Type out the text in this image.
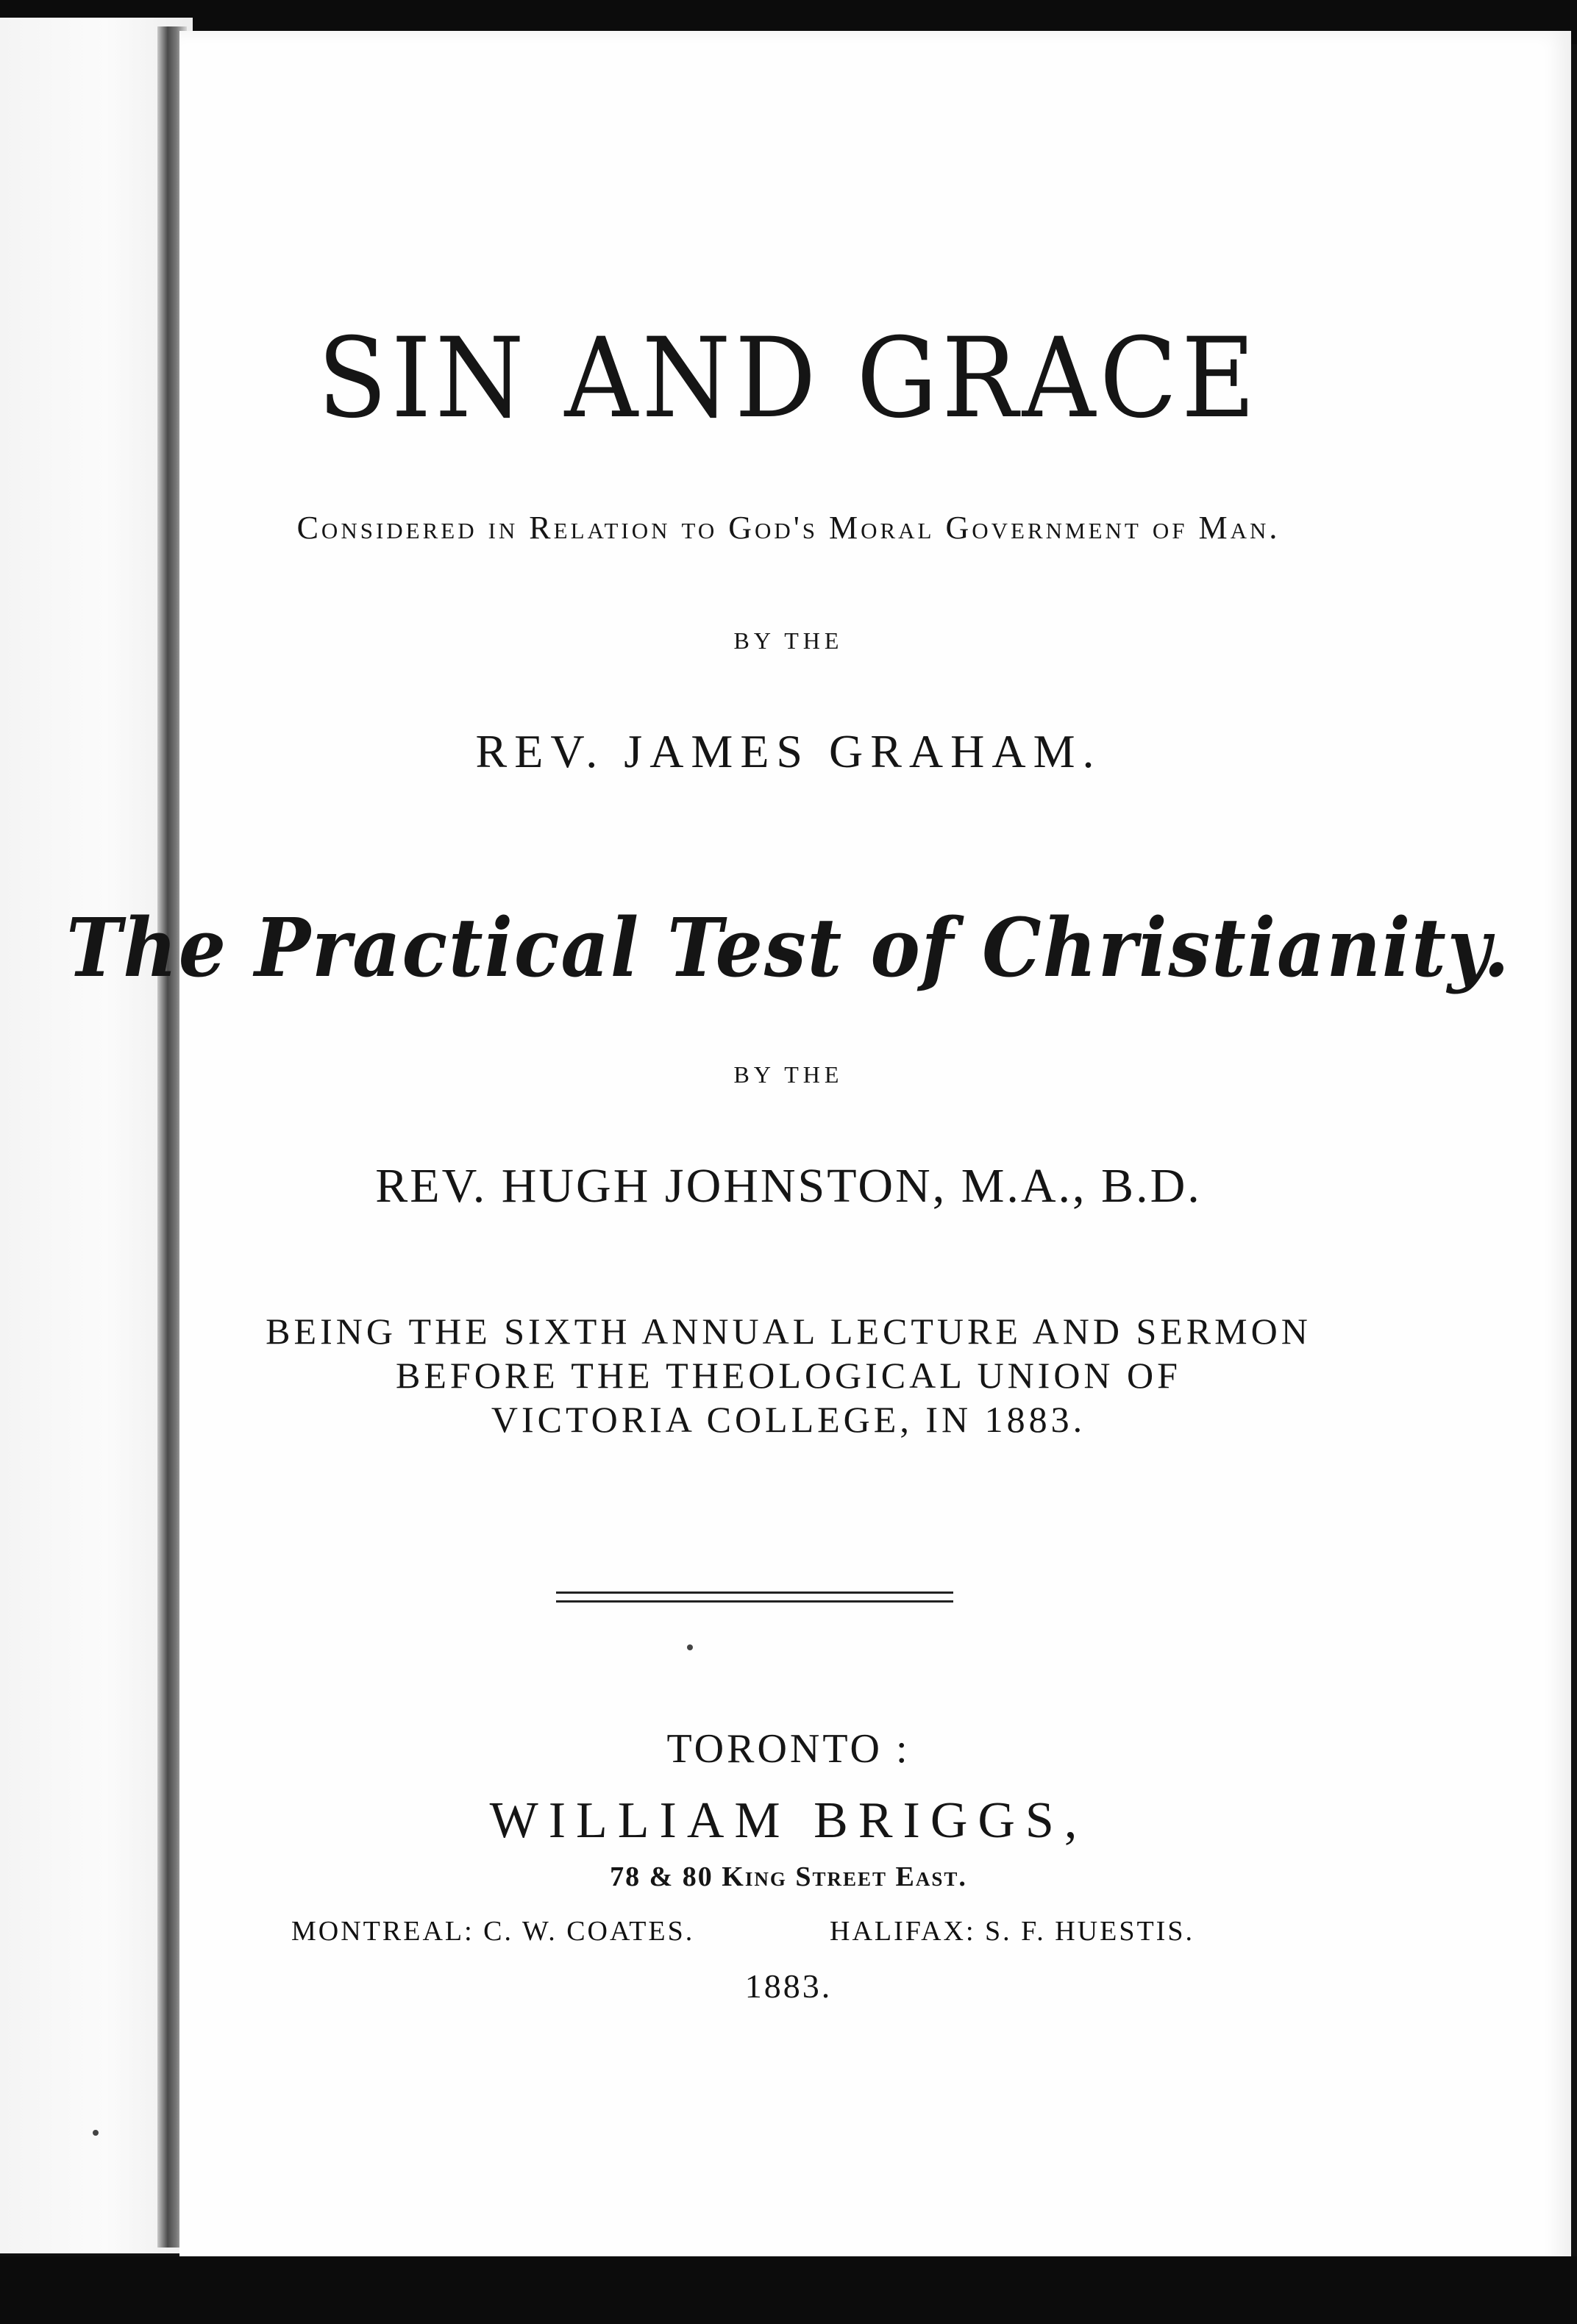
SIN AND GRACE
Considered in Relation to God's Moral Government of Man.
BY THE
REV. JAMES GRAHAM.
The Practical Test of Christianity.
BY THE
REV. HUGH JOHNSTON, M.A., B.D.
BEING THE SIXTH ANNUAL LECTURE AND SERMON
BEFORE THE THEOLOGICAL UNION OF
VICTORIA COLLEGE, IN 1883.
TORONTO :
WILLIAM BRIGGS,
78 & 80 King Street East.
MONTREAL: C. W. COATES.	HALIFAX: S. F. HUESTIS.
1883.
